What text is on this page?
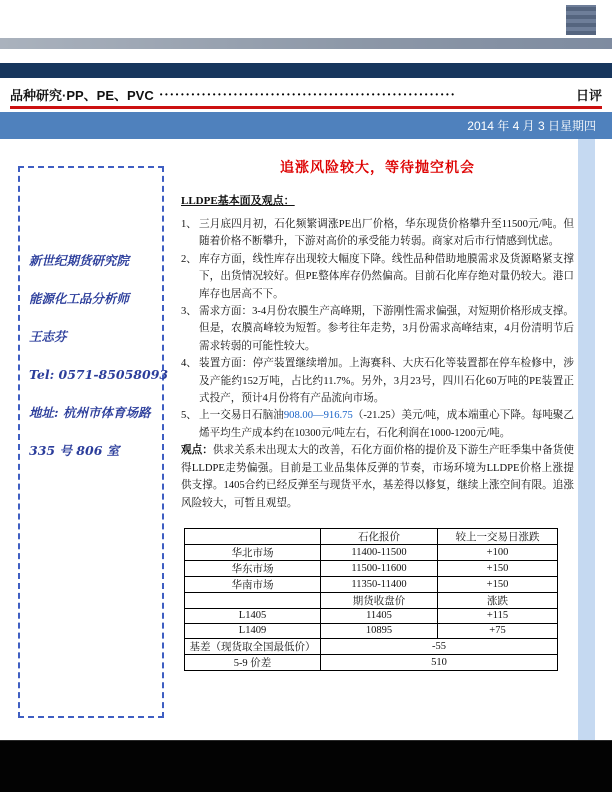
品种研究·PP、PE、PVC ••••••••••••••••••••••••••••••••••••••••••••••••••••••••	日评
2014 年 4 月 3 日星期四
新世纪期货研究院
能源化工品分析师
王志芬
Tel: 0571-85058093
地址: 杭州市体育场路
335 号 806 室
追涨风险较大，等待抛空机会
LLDPE基本面及观点：
1、 三月底四月初，石化频繁调涨PE出厂价格，华东现货价格攀升至11500元/吨。但随着价格不断攀升，下游对高价的承受能力转弱。商家对后市行情感到忧虑。
2、 库存方面，线性库存出现较大幅度下降。线性品种借助地膜需求及货源略紧支撑下，出货情况较好。但PE整体库存仍然偏高。目前石化库存绝对量仍较大。港口库存也居高不下。
3、 需求方面：3-4月份农膜生产高峰期，下游刚性需求偏强，对短期价格形成支撑。但是，农膜高峰较为短暂。参考往年走势，3月份需求高峰结束，4月份清明节后需求转弱的可能性较大。
4、 装置方面：停产装置继续增加。上海赛科、大庆石化等装置都在停车检修中，涉及产能约152万吨，占比约11.7%。另外，3月23号，四川石化60万吨的PE装置正式投产，预计4月份将有产品流向市场。
5、 上一交易日石脑油908.00—916.75（-21.25）美元/吨，成本端重心下降。每吨聚乙烯平均生产成本约在10300元/吨左右，石化利润在1000-1200元/吨。
观点：供求关系未出现太大的改善，石化方面价格的提价及下游生产旺季集中备货使得LLDPE走势偏强。目前是工业品集体反弹的节奏，市场环境为LLDPE价格上涨提供支撑。1405合约已经反弹至与现货平水，基差得以修复，继续上涨空间有限。追涨风险较大，可暂且观望。
	石化报价	较上一交易日涨跌
华北市场	11400-11500	+100
华东市场	11500-11600	+150
华南市场	11350-11400	+150
	期货收盘价	涨跌
L1405	11405	+115
L1409	10895	+75
基差（现货取全国最低价）	-55	
5-9 价差	510	
